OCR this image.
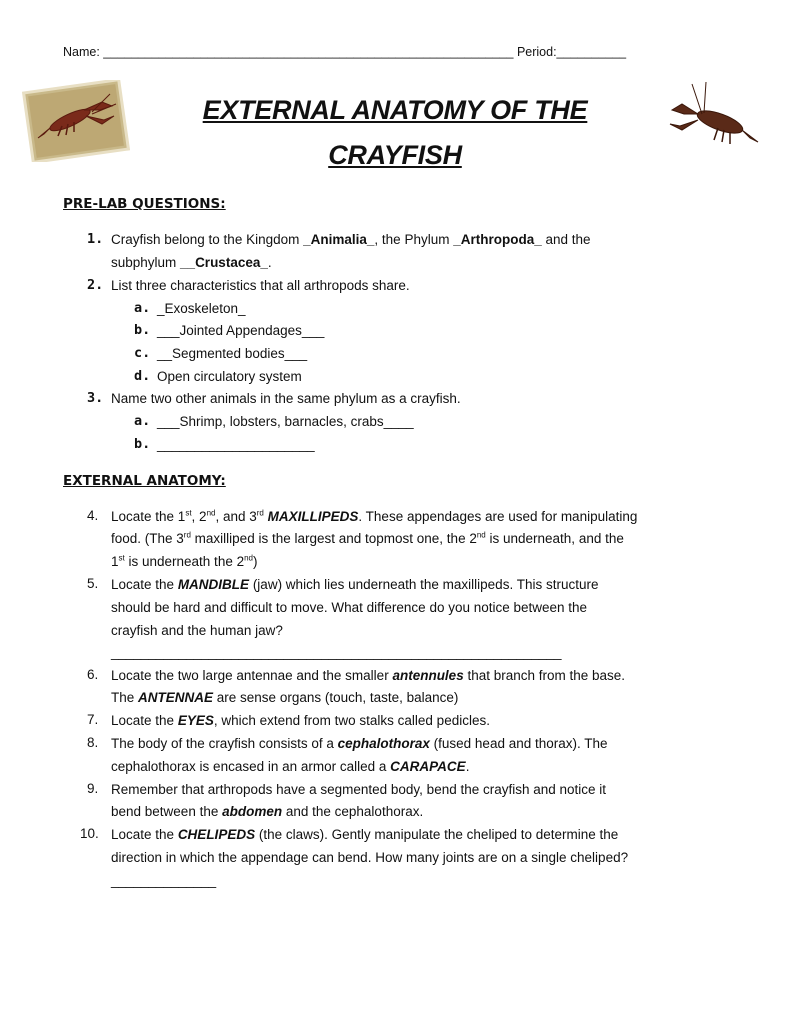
Name: ___________________________________________________________ Period:__________
EXTERNAL ANATOMY OF THE
CRAYFISH
PRE-LAB QUESTIONS:
1. Crayfish belong to the Kingdom _Animalia_, the Phylum _Arthropoda_ and the
subphylum __Crustacea_.
2. List three characteristics that all arthropods share.
a. _Exoskeleton_
b. ___Jointed Appendages___
c. __Segmented bodies___
d. Open circulatory system
3. Name two other animals in the same phylum as a crayfish.
a. ___Shrimp, lobsters, barnacles, crabs____
b. _____________________
EXTERNAL ANATOMY:
4. Locate the 1st, 2nd, and 3rd MAXILLIPEDS. These appendages are used for manipulating
food. (The 3rd maxilliped is the largest and topmost one, the 2nd is underneath, and the
1st is underneath the 2nd)
5. Locate the MANDIBLE (jaw) which lies underneath the maxillipeds. This structure
should be hard and difficult to move. What difference do you notice between the
crayfish and the human jaw?
____________________________________________________________
6. Locate the two large antennae and the smaller antennules that branch from the base.
The ANTENNAE are sense organs (touch, taste, balance)
7. Locate the EYES, which extend from two stalks called pedicles.
8. The body of the crayfish consists of a cephalothorax (fused head and thorax). The
cephalothorax is encased in an armor called a CARAPACE.
9. Remember that arthropods have a segmented body, bend the crayfish and notice it
bend between the abdomen and the cephalothorax.
10. Locate the CHELIPEDS (the claws). Gently manipulate the cheliped to determine the
direction in which the appendage can bend. How many joints are on a single cheliped?
______________
